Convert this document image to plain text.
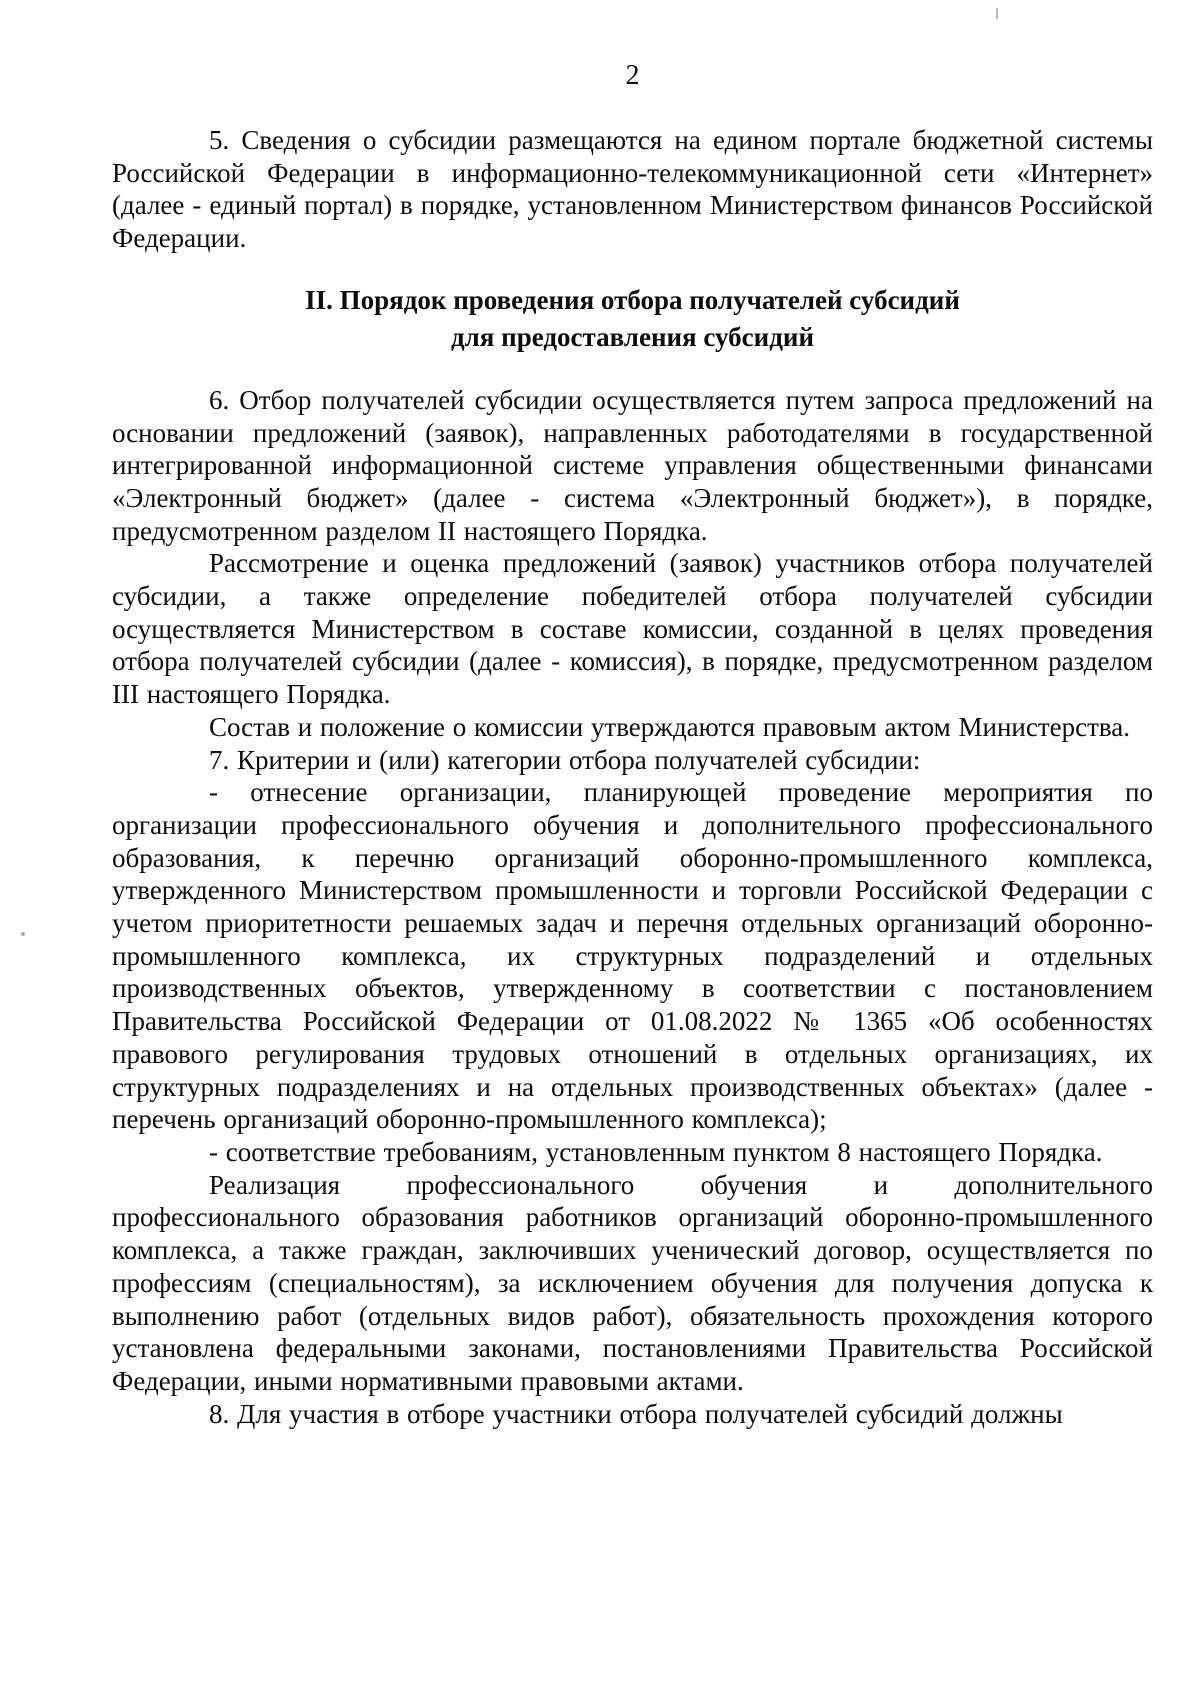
2

5. Сведения о субсидии размещаются на едином портале бюджетной системы Российской Федерации в информационно-телекоммуникационной сети «Интернет» (далее - единый портал) в порядке, установленном Министерством финансов Российской Федерации.

II. Порядок проведения отбора получателей субсидий
для предоставления субсидий

6. Отбор получателей субсидии осуществляется путем запроса предложений на основании предложений (заявок), направленных работодателями в государственной интегрированной информационной системе управления общественными финансами «Электронный бюджет» (далее - система «Электронный бюджет»), в порядке, предусмотренном разделом II настоящего Порядка.

Рассмотрение и оценка предложений (заявок) участников отбора получателей субсидии, а также определение победителей отбора получателей субсидии осуществляется Министерством в составе комиссии, созданной в целях проведения отбора получателей субсидии (далее - комиссия), в порядке, предусмотренном разделом III настоящего Порядка.

Состав и положение о комиссии утверждаются правовым актом Министерства.

7. Критерии и (или) категории отбора получателей субсидии:

- отнесение организации, планирующей проведение мероприятия по организации профессионального обучения и дополнительного профессионального образования, к перечню организаций оборонно-промышленного комплекса, утвержденного Министерством промышленности и торговли Российской Федерации с учетом приоритетности решаемых задач и перечня отдельных организаций оборонно-промышленного комплекса, их структурных подразделений и отдельных производственных объектов, утвержденному в соответствии с постановлением Правительства Российской Федерации от 01.08.2022 № 1365 «Об особенностях правового регулирования трудовых отношений в отдельных организациях, их структурных подразделениях и на отдельных производственных объектах» (далее - перечень организаций оборонно-промышленного комплекса);

- соответствие требованиям, установленным пунктом 8 настоящего Порядка.

Реализация профессионального обучения и дополнительного профессионального образования работников организаций оборонно-промышленного комплекса, а также граждан, заключивших ученический договор, осуществляется по профессиям (специальностям), за исключением обучения для получения допуска к выполнению работ (отдельных видов работ), обязательность прохождения которого установлена федеральными законами, постановлениями Правительства Российской Федерации, иными нормативными правовыми актами.

8. Для участия в отборе участники отбора получателей субсидий должны
